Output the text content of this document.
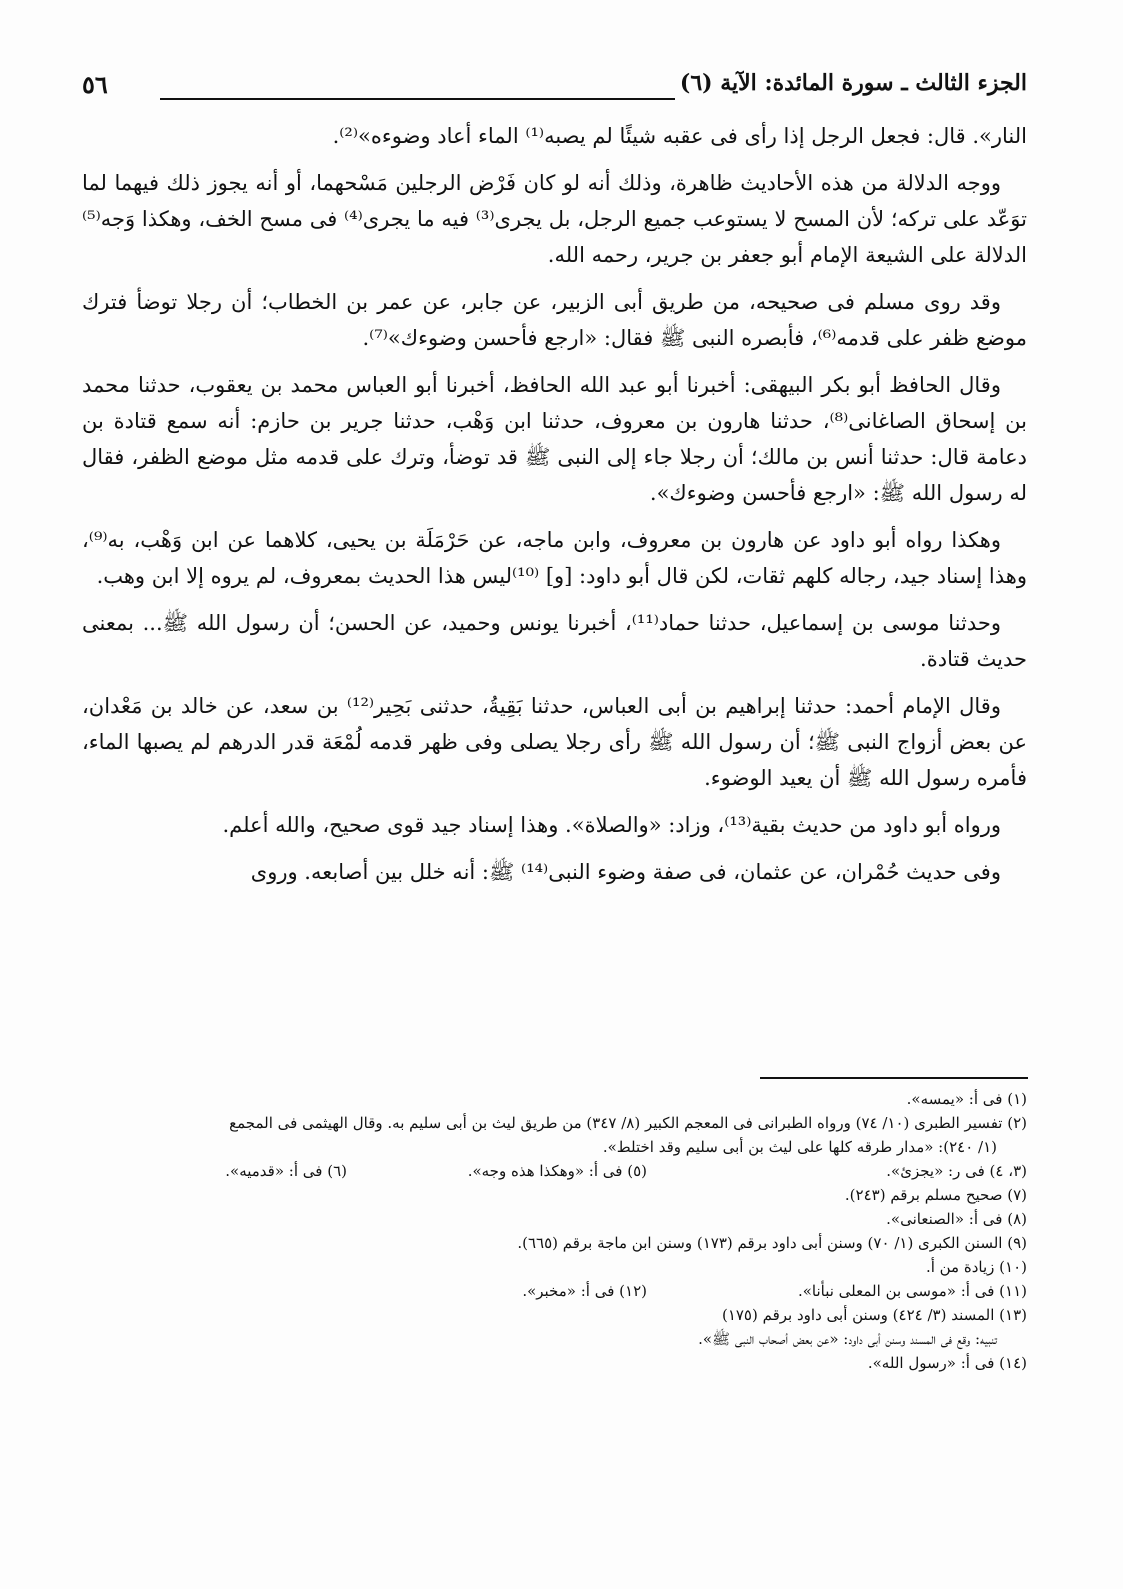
الجزء الثالث ـ سورة المائدة: الآية (٦)
٥٦

النار». قال: فجعل الرجل إذا رأى فى عقبه شيئًا لم يصبه⁽¹⁾ الماء أعاد وضوءه»⁽²⁾.

ووجه الدلالة من هذه الأحاديث ظاهرة، وذلك أنه لو كان فَرْض الرجلين مَسْحهما، أو أنه يجوز ذلك فيهما لما توَعّد على تركه؛ لأن المسح لا يستوعب جميع الرجل، بل يجرى⁽³⁾ فيه ما يجرى⁽⁴⁾ فى مسح الخف، وهكذا وَجه⁽⁵⁾ الدلالة على الشيعة الإمام أبو جعفر بن جرير، رحمه الله.

وقد روى مسلم فى صحيحه، من طريق أبى الزبير، عن جابر، عن عمر بن الخطاب؛ أن رجلا توضأ فترك موضع ظفر على قدمه⁽⁶⁾، فأبصره النبى ﷺ فقال: «ارجع فأحسن وضوءك»⁽⁷⁾.

وقال الحافظ أبو بكر البيهقى: أخبرنا أبو عبد الله الحافظ، أخبرنا أبو العباس محمد بن يعقوب، حدثنا محمد بن إسحاق الصاغانى⁽⁸⁾، حدثنا هارون بن معروف، حدثنا ابن وَهْب، حدثنا جرير بن حازم: أنه سمع قتادة بن دعامة قال: حدثنا أنس بن مالك؛ أن رجلا جاء إلى النبى ﷺ قد توضأ، وترك على قدمه مثل موضع الظفر، فقال له رسول الله ﷺ: «ارجع فأحسن وضوءك».

وهكذا رواه أبو داود عن هارون بن معروف، وابن ماجه، عن حَرْمَلَة بن يحيى، كلاهما عن ابن وَهْب، به⁽⁹⁾، وهذا إسناد جيد، رجاله كلهم ثقات، لكن قال أبو داود: [و] ⁽¹⁰⁾ليس هذا الحديث بمعروف، لم يروه إلا ابن وهب.

وحدثنا موسى بن إسماعيل، حدثنا حماد⁽¹¹⁾، أخبرنا يونس وحميد، عن الحسن؛ أن رسول الله ﷺ... بمعنى حديث قتادة.

وقال الإمام أحمد: حدثنا إبراهيم بن أبى العباس، حدثنا بَقِيةُ، حدثنى بَحِير⁽¹²⁾ بن سعد، عن خالد بن مَعْدان، عن بعض أزواج النبى ﷺ؛ أن رسول الله ﷺ رأى رجلا يصلى وفى ظهر قدمه لُمْعَة قدر الدرهم لم يصبها الماء، فأمره رسول الله ﷺ أن يعيد الوضوء.

ورواه أبو داود من حديث بقية⁽¹³⁾، وزاد: «والصلاة». وهذا إسناد جيد قوى صحيح، والله أعلم.

وفى حديث حُمْران، عن عثمان، فى صفة وضوء النبى⁽¹⁴⁾ ﷺ: أنه خلل بين أصابعه. وروى

(١) فى أ: «يمسه».
(٢) تفسير الطبرى (١٠/ ٧٤) ورواه الطبرانى فى المعجم الكبير (٨/ ٣٤٧) من طريق ليث بن أبى سليم به. وقال الهيثمى فى المجمع
(١/ ٢٤٠): «مدار طرقه كلها على ليث بن أبى سليم وقد اختلط».
(٣، ٤) فى ر: «يجزئ».
(٥) فى أ: «وهكذا هذه وجه».
(٦) فى أ: «قدميه».
(٧) صحيح مسلم برقم (٢٤٣).
(٨) فى أ: «الصنعانى».
(٩) السنن الكبرى (١/ ٧٠) وسنن أبى داود برقم (١٧٣) وسنن ابن ماجة برقم (٦٦٥).
(١٠) زيادة من أ.
(١١) فى أ: «موسى بن المعلى نبأنا».
(١٢) فى أ: «مخبر».
(١٣) المسند (٣/ ٤٢٤) وسنن أبى داود برقم (١٧٥)
تنبيه: وقع فى المسند وسنن أبى داود: «عن بعض أصحاب النبى ﷺ».
(١٤) فى أ: «رسول الله».
